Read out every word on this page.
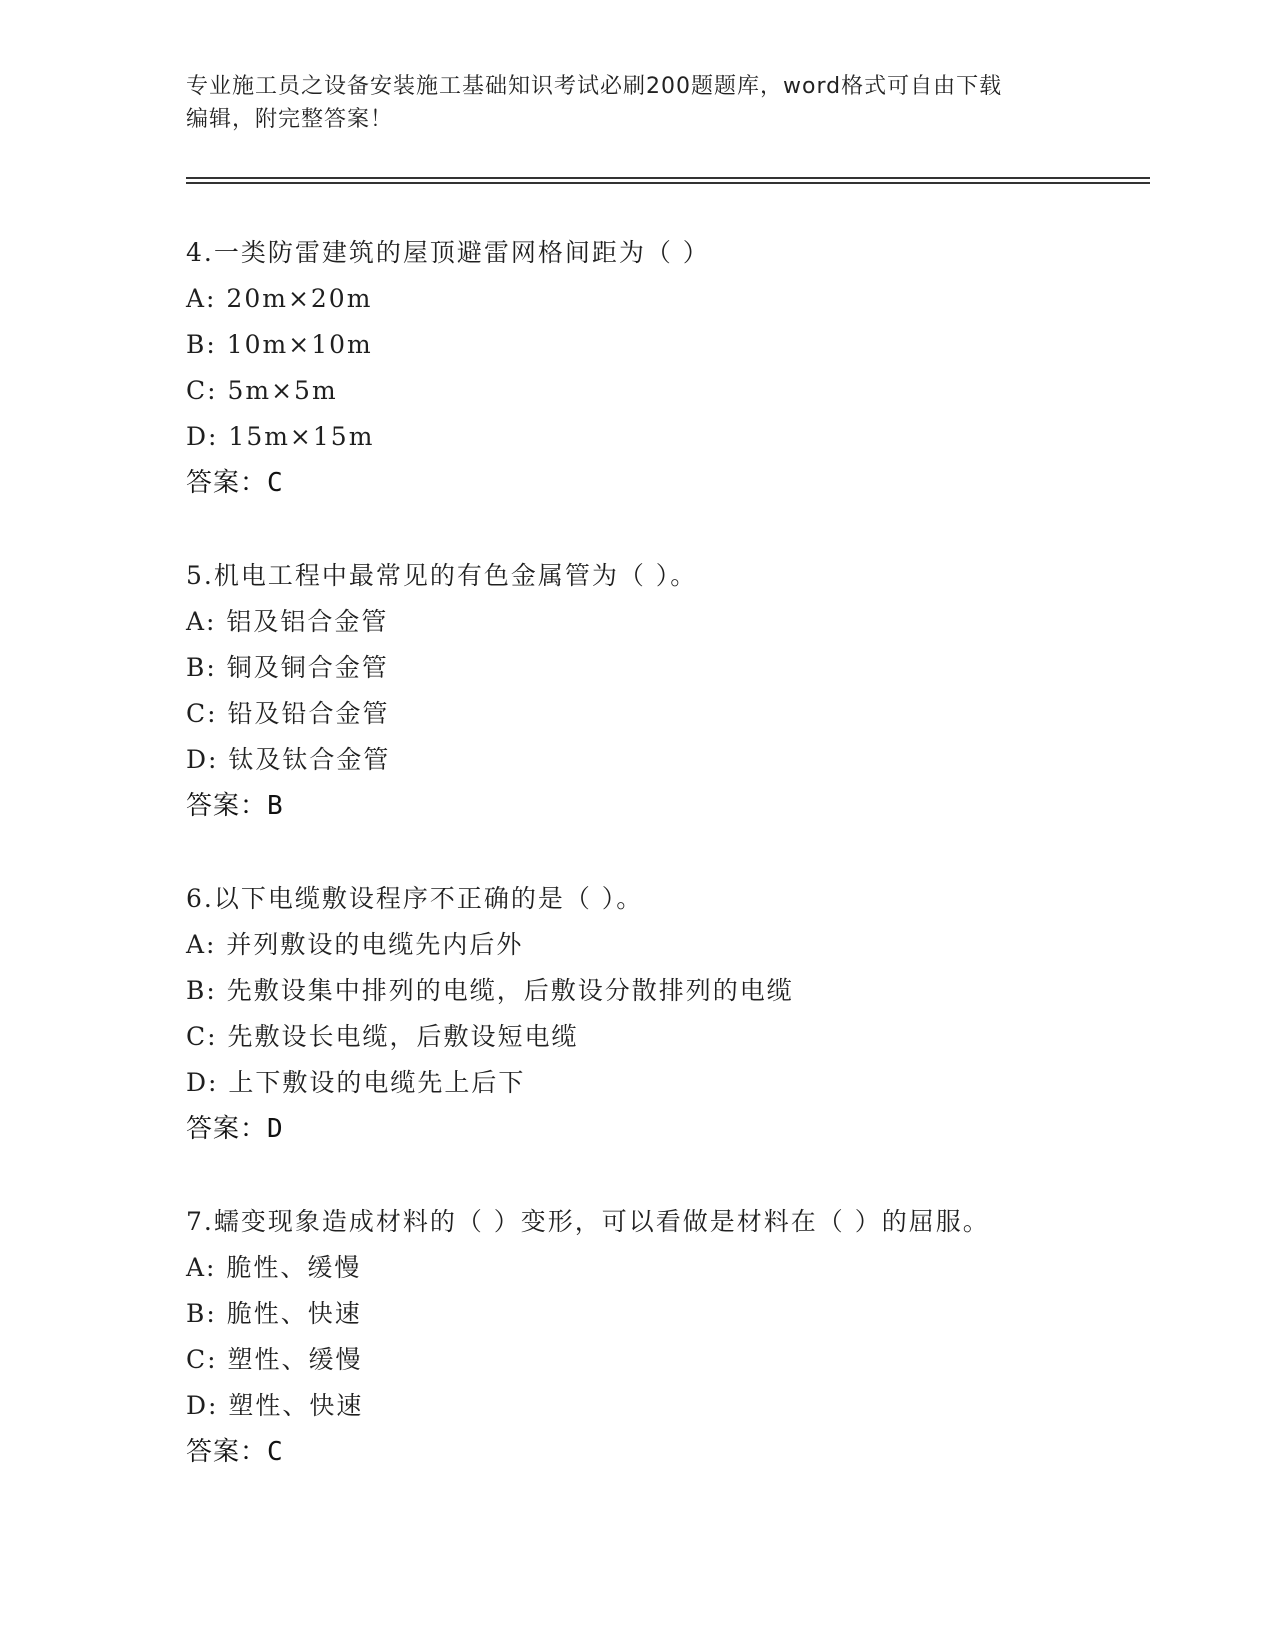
专业施工员之设备安装施工基础知识考试必刷200题题库，word格式可自由下载
编辑，附完整答案！
4.一类防雷建筑的屋顶避雷网格间距为（ ）
A: 20m×20m
B: 10m×10m
C: 5m×5m
D: 15m×15m
答案：C
5.机电工程中最常见的有色金属管为（ ）。
A: 铝及铝合金管
B: 铜及铜合金管
C: 铅及铅合金管
D: 钛及钛合金管
答案：B
6.以下电缆敷设程序不正确的是（ ）。
A: 并列敷设的电缆先内后外
B: 先敷设集中排列的电缆，后敷设分散排列的电缆
C: 先敷设长电缆，后敷设短电缆
D: 上下敷设的电缆先上后下
答案：D
7.蠕变现象造成材料的（ ）变形，可以看做是材料在（ ）的屈服。
A: 脆性、缓慢
B: 脆性、快速
C: 塑性、缓慢
D: 塑性、快速
答案：C
